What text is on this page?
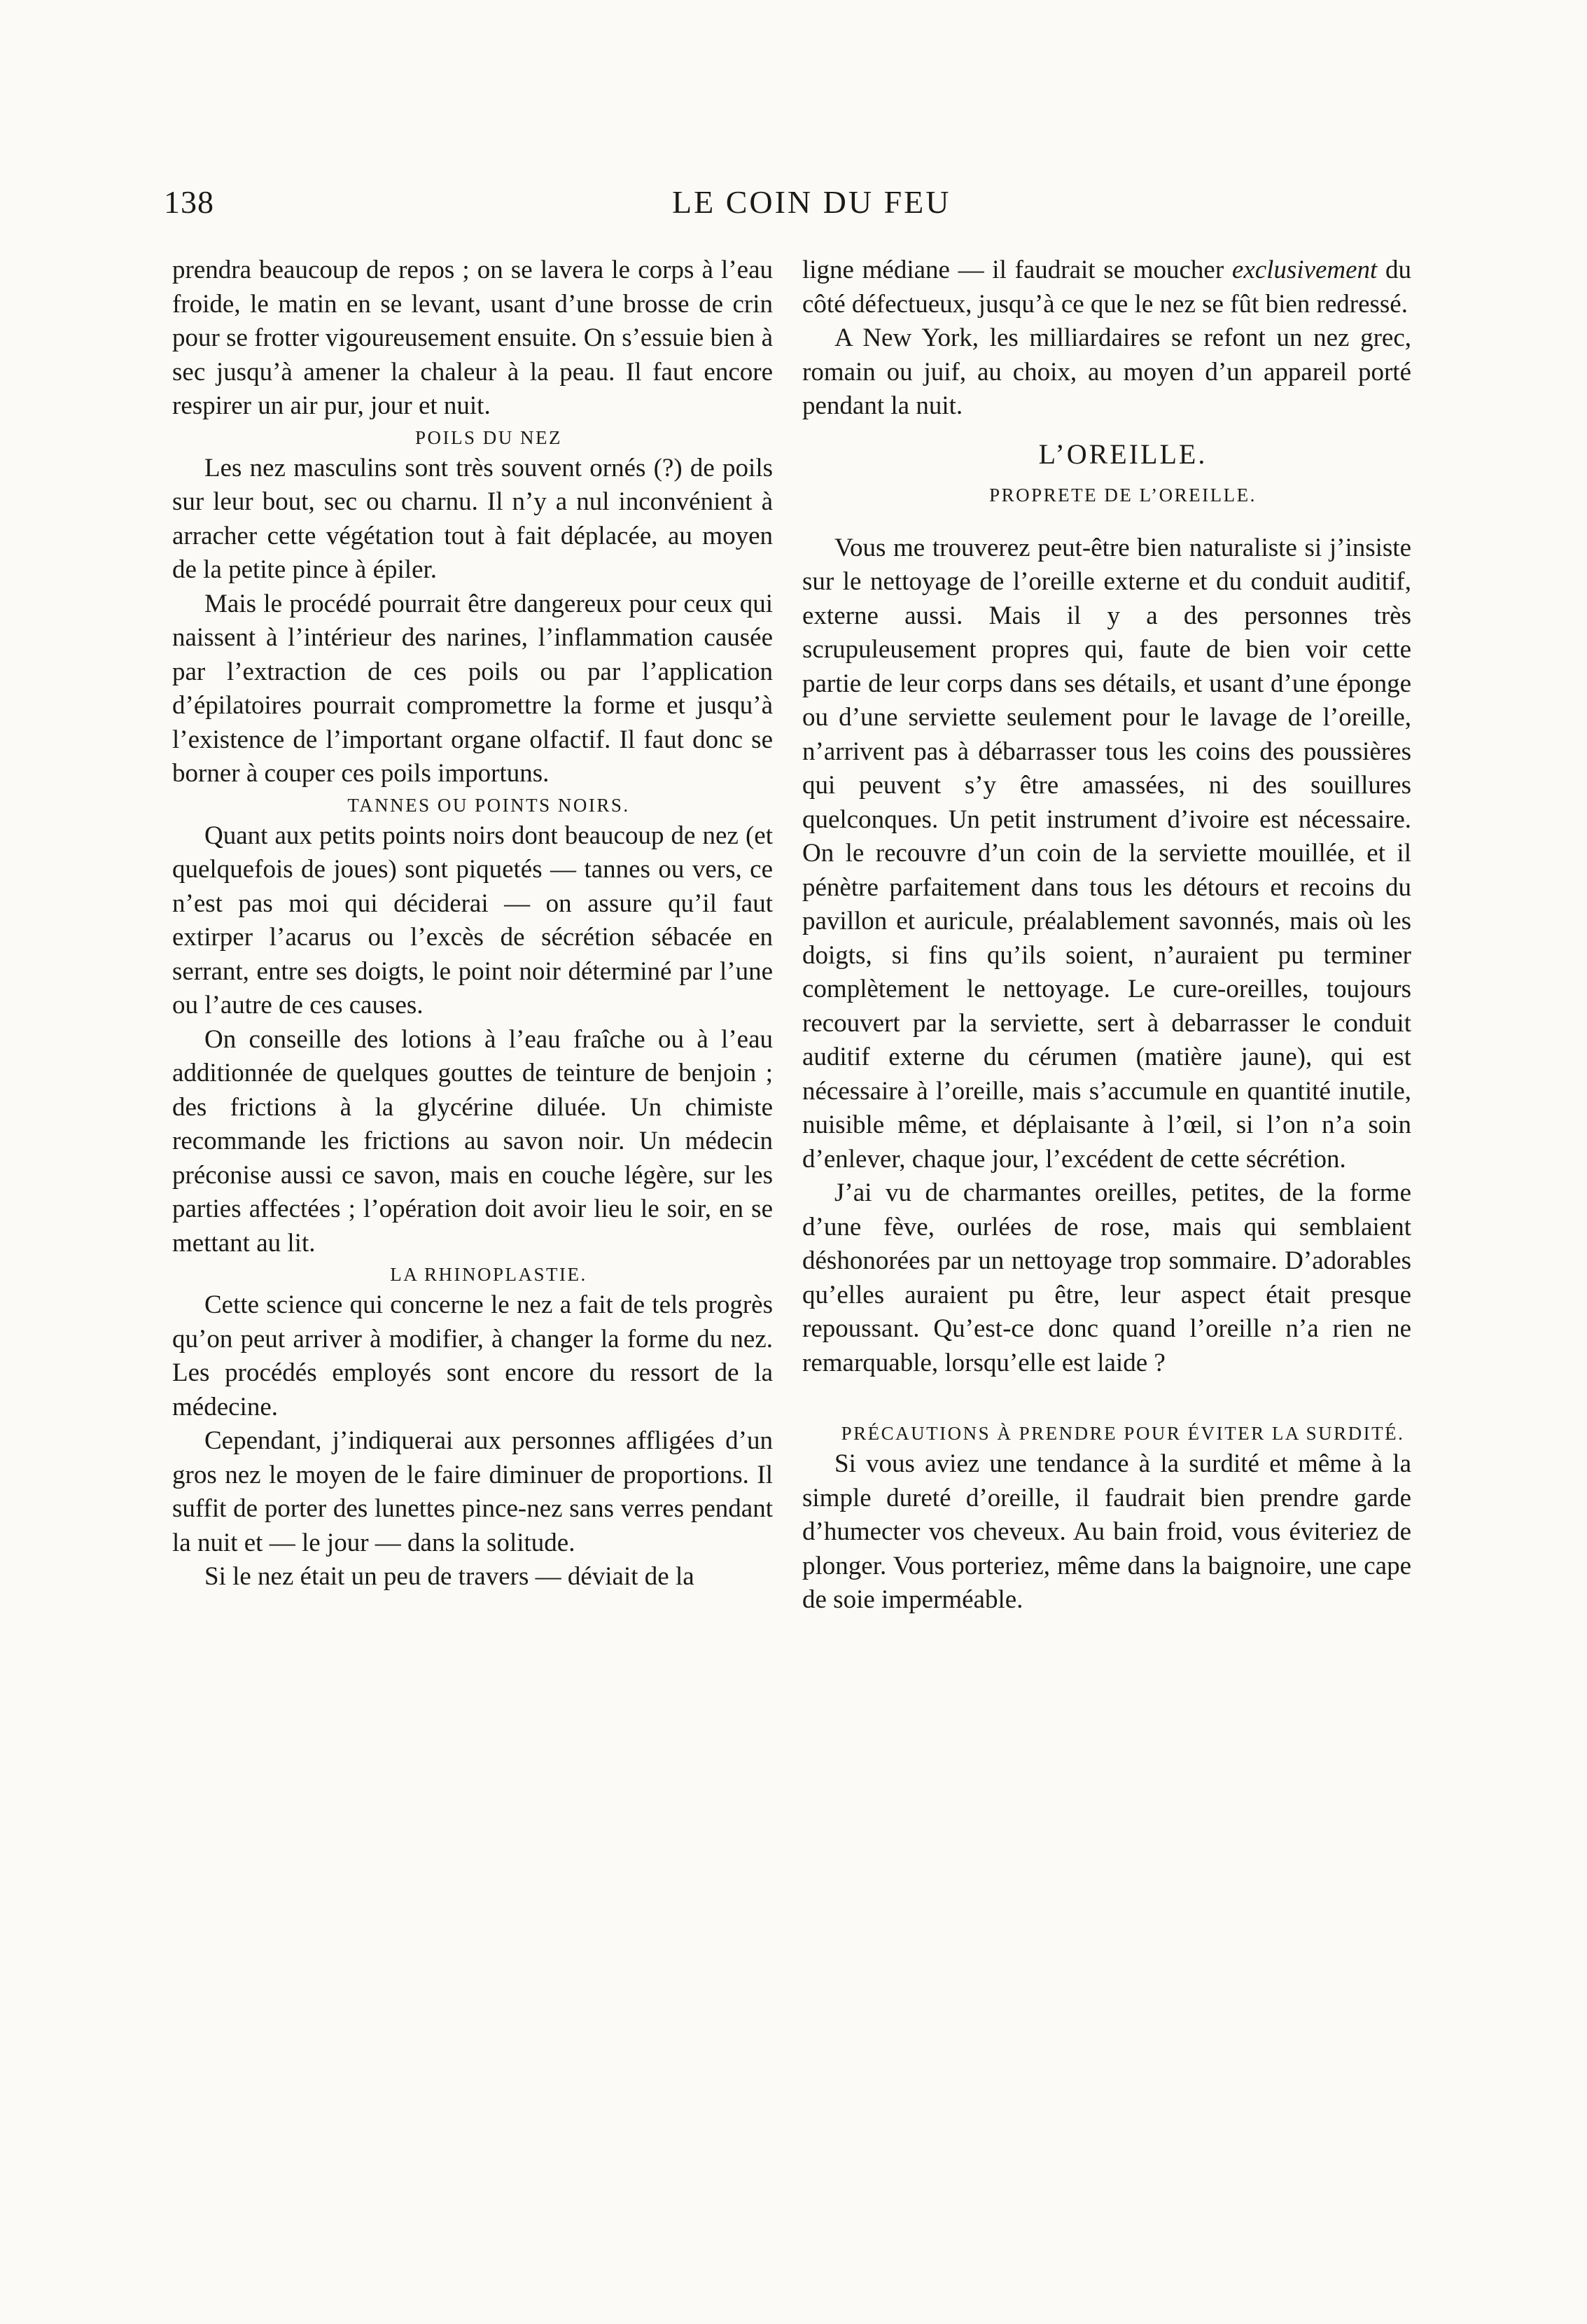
138	LE COIN DU FEU

prendra beaucoup de repos ; on se lavera le corps à l’eau froide, le matin en se levant, usant d’une brosse de crin pour se frotter vigoureusement ensuite. On s’essuie bien à sec jusqu’à amener la chaleur à la peau. Il faut encore respirer un air pur, jour et nuit.

POILS DU NEZ

Les nez masculins sont très souvent ornés (?) de poils sur leur bout, sec ou charnu. Il n’y a nul inconvénient à arracher cette végétation tout à fait déplacée, au moyen de la petite pince à épiler.

Mais le procédé pourrait être dangereux pour ceux qui naissent à l’intérieur des narines, l’inflammation causée par l’extraction de ces poils ou par l’application d’épilatoires pourrait compromettre la forme et jusqu’à l’existence de l’important organe olfactif. Il faut donc se borner à couper ces poils importuns.

TANNES OU POINTS NOIRS.

Quant aux petits points noirs dont beaucoup de nez (et quelquefois de joues) sont piquetés — tannes ou vers, ce n’est pas moi qui déciderai — on assure qu’il faut extirper l’acarus ou l’excès de sécrétion sébacée en serrant, entre ses doigts, le point noir déterminé par l’une ou l’autre de ces causes.

On conseille des lotions à l’eau fraîche ou à l’eau additionnée de quelques gouttes de teinture de benjoin ; des frictions à la glycérine diluée. Un chimiste recommande les frictions au savon noir. Un médecin préconise aussi ce savon, mais en couche légère, sur les parties affectées ; l’opération doit avoir lieu le soir, en se mettant au lit.

LA RHINOPLASTIE.

Cette science qui concerne le nez a fait de tels progrès qu’on peut arriver à modifier, à changer la forme du nez. Les procédés employés sont encore du ressort de la médecine.

Cependant, j’indiquerai aux personnes affligées d’un gros nez le moyen de le faire diminuer de proportions. Il suffit de porter des lunettes pince-nez sans verres pendant la nuit et — le jour — dans la solitude.

Si le nez était un peu de travers — déviait de la

ligne médiane — il faudrait se moucher exclusivement du côté défectueux, jusqu’à ce que le nez se fût bien redressé.

A New York, les milliardaires se refont un nez grec, romain ou juif, au choix, au moyen d’un appareil porté pendant la nuit.

L’OREILLE.

PROPRETE DE L’OREILLE.

Vous me trouverez peut-être bien naturaliste si j’insiste sur le nettoyage de l’oreille externe et du conduit auditif, externe aussi. Mais il y a des personnes très scrupuleusement propres qui, faute de bien voir cette partie de leur corps dans ses détails, et usant d’une éponge ou d’une serviette seulement pour le lavage de l’oreille, n’arrivent pas à débarrasser tous les coins des poussières qui peuvent s’y être amassées, ni des souillures quelconques. Un petit instrument d’ivoire est nécessaire. On le recouvre d’un coin de la serviette mouillée, et il pénètre parfaitement dans tous les détours et recoins du pavillon et auricule, préalablement savonnés, mais où les doigts, si fins qu’ils soient, n’auraient pu terminer complètement le nettoyage. Le cure-oreilles, toujours recouvert par la serviette, sert à debarrasser le conduit auditif externe du cérumen (matière jaune), qui est nécessaire à l’oreille, mais s’accumule en quantité inutile, nuisible même, et déplaisante à l’œil, si l’on n’a soin d’enlever, chaque jour, l’excédent de cette sécrétion.

J’ai vu de charmantes oreilles, petites, de la forme d’une fève, ourlées de rose, mais qui semblaient déshonorées par un nettoyage trop sommaire. D’adorables qu’elles auraient pu être, leur aspect était presque repoussant. Qu’est-ce donc quand l’oreille n’a rien ne remarquable, lorsqu’elle est laide ?

PRÉCAUTIONS À PRENDRE POUR ÉVITER LA SURDITÉ.

Si vous aviez une tendance à la surdité et même à la simple dureté d’oreille, il faudrait bien prendre garde d’humecter vos cheveux. Au bain froid, vous éviteriez de plonger. Vous porteriez, même dans la baignoire, une cape de soie imperméable.
